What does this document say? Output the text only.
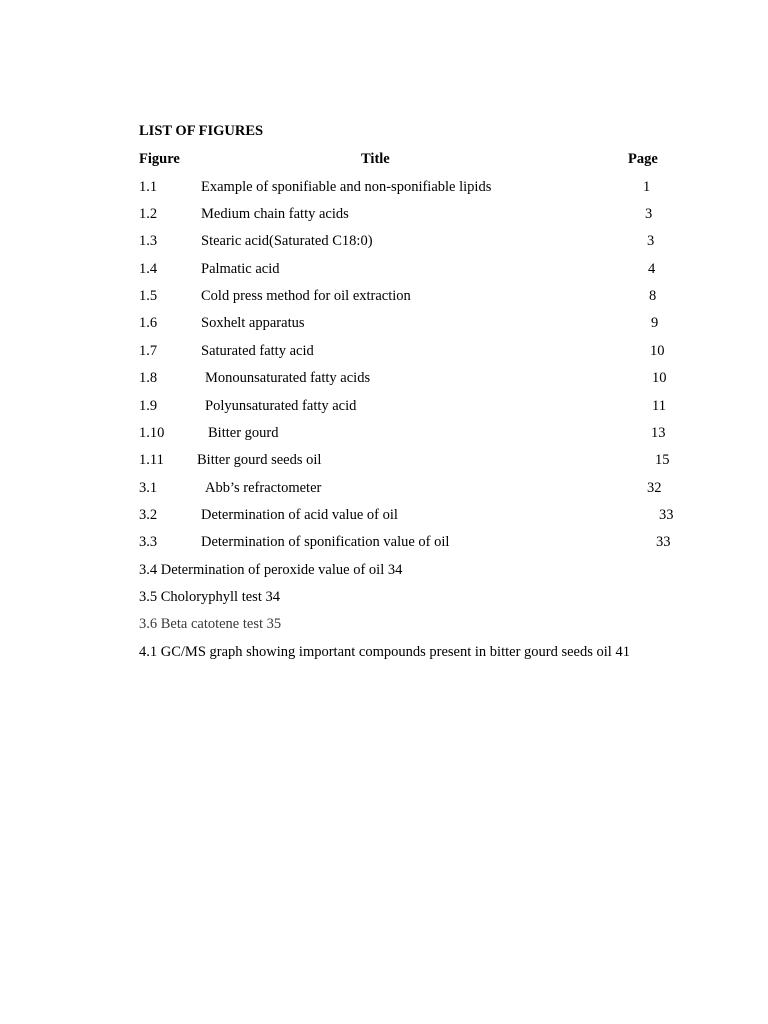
LIST OF FIGURES
Figure	Title	Page
1.1	Example of sponifiable and non-sponifiable lipids	1
1.2	Medium chain fatty acids	3
1.3	Stearic acid(Saturated C18:0)	3
1.4	Palmatic acid	4
1.5	Cold press method for oil extraction	8
1.6	Soxhelt apparatus	9
1.7	Saturated fatty acid	10
1.8	Monounsaturated fatty acids	10
1.9	Polyunsaturated fatty acid	11
1.10	Bitter gourd	13
1.11 Bitter gourd seeds oil	15
3.1	Abb’s refractometer	32
3.2	Determination of acid value of oil	33
3.3	Determination of sponification value of oil	33
3.4 Determination of peroxide value of oil 34
3.5 Choloryphyll test 34
3.6 Beta catotene test 35
4.1 GC/MS graph showing important compounds present in bitter gourd seeds oil 41
